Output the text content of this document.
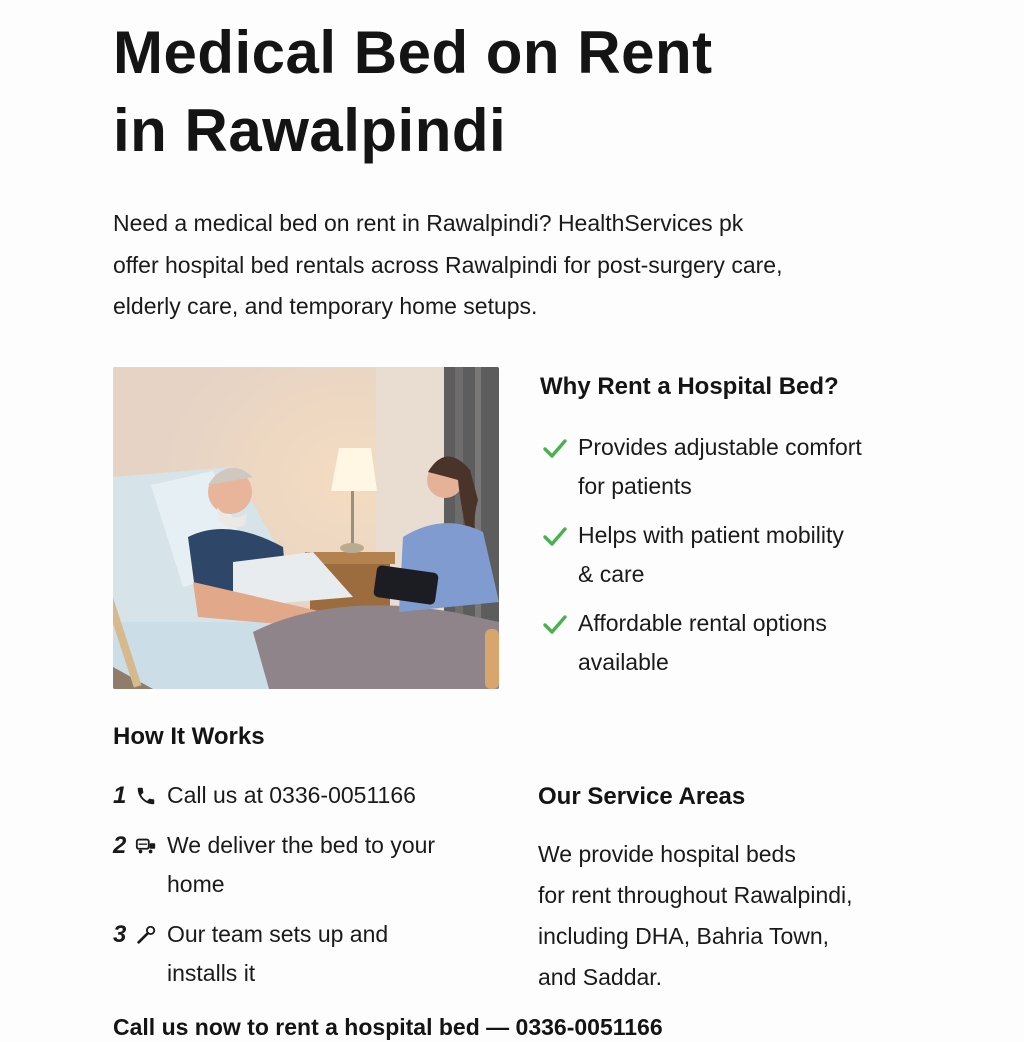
Medical Bed on Rent
in Rawalpindi

Need a medical bed on rent in Rawalpindi? HealthServices pk
offer hospital bed rentals across Rawalpindi for post-surgery care,
elderly care, and temporary home setups.

Why Rent a Hospital Bed?
Provides adjustable comfort
for patients
Helps with patient mobility
& care
Affordable rental options
available
How It Works
1 Call us at 0336-0051166
2 We deliver the bed to your
home
3 Our team sets up and
installs it
Our Service Areas

We provide hospital beds
for rent throughout Rawalpindi,
including DHA, Bahria Town,
and Saddar.

Call us now to rent a hospital bed — 0336-0051166
